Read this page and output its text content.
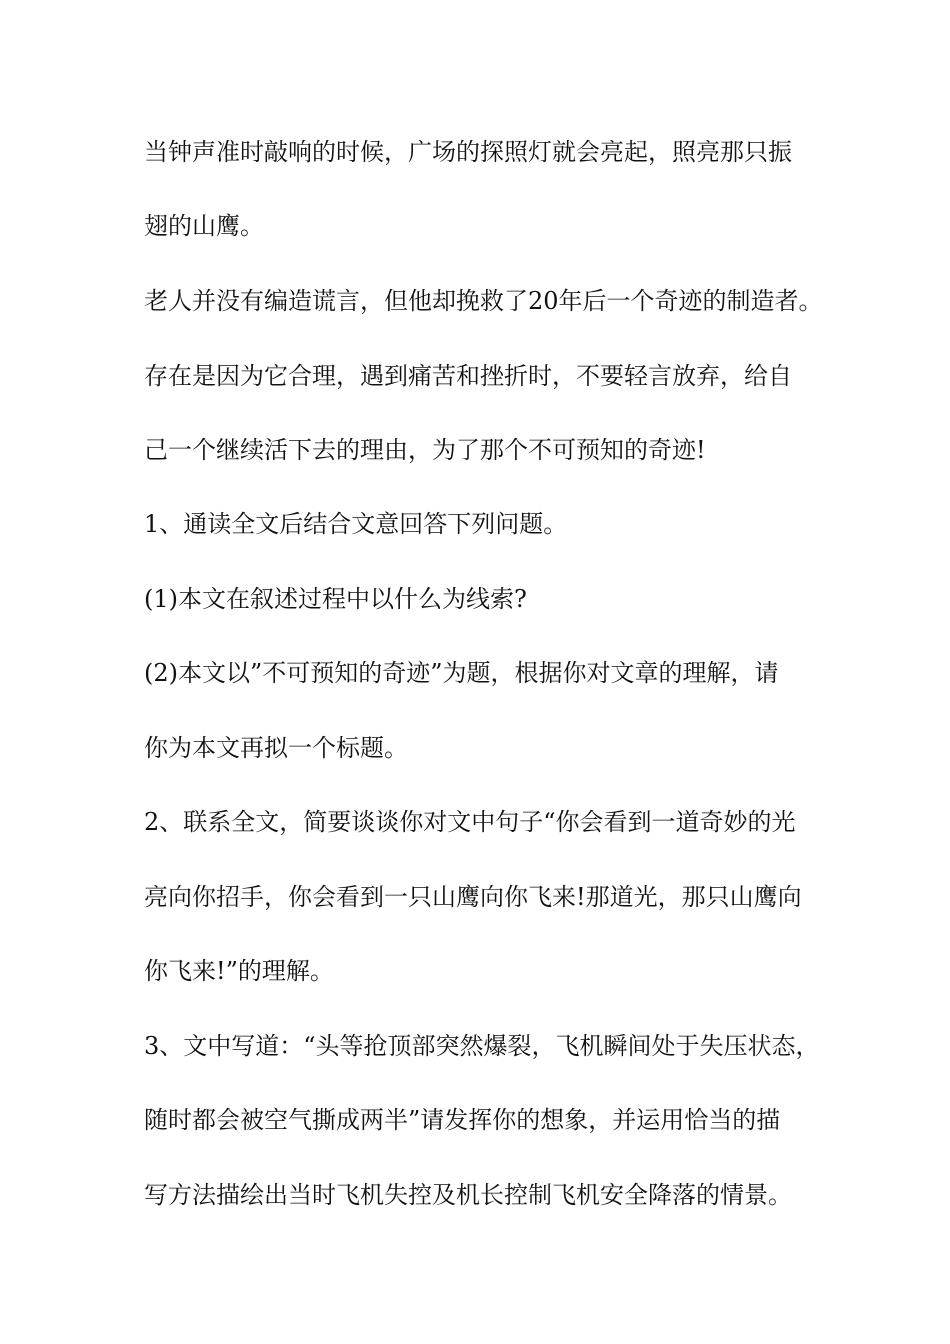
当钟声准时敲响的时候，广场的探照灯就会亮起，照亮那只振
翅的山鹰。
老人并没有编造谎言，但他却挽救了20年后一个奇迹的制造者。
存在是因为它合理，遇到痛苦和挫折时，不要轻言放弃，给自
己一个继续活下去的理由，为了那个不可预知的奇迹!
1、通读全文后结合文意回答下列问题。
(1)本文在叙述过程中以什么为线索?
(2)本文以”不可预知的奇迹”为题，根据你对文章的理解，请
你为本文再拟一个标题。
2、联系全文，简要谈谈你对文中句子“你会看到一道奇妙的光
亮向你招手，你会看到一只山鹰向你飞来!那道光，那只山鹰向
你飞来!”的理解。
3、文中写道：“头等抢顶部突然爆裂，飞机瞬间处于失压状态，
随时都会被空气撕成两半”请发挥你的想象，并运用恰当的描
写方法描绘出当时飞机失控及机长控制飞机安全降落的情景。
